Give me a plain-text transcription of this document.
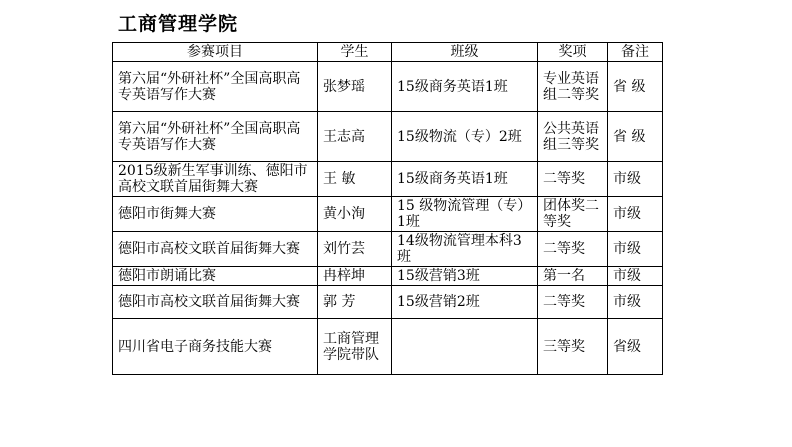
工商管理学院
参赛项目	学生	班级	奖项	备注
第六届“外研社杯”全国高职高专英语写作大赛	张梦瑶	15级商务英语1班	专业英语组二等奖	省 级
第六届“外研社杯”全国高职高专英语写作大赛	王志高	15级物流（专）2班	公共英语组三等奖	省 级
2015级新生军事训练、德阳市高校文联首届街舞大赛	王 敏	15级商务英语1班	二等奖	市级
德阳市街舞大赛	黄小洵	15 级物流管理（专）1班	团体奖二等奖	市级
德阳市高校文联首届街舞大赛	刘竹芸	14级物流管理本科3班	二等奖	市级
德阳市朗诵比赛	冉梓坤	15级营销3班	第一名	市级
德阳市高校文联首届街舞大赛	郭 芳	15级营销2班	二等奖	市级
四川省电子商务技能大赛	工商管理学院带队		三等奖	省级
